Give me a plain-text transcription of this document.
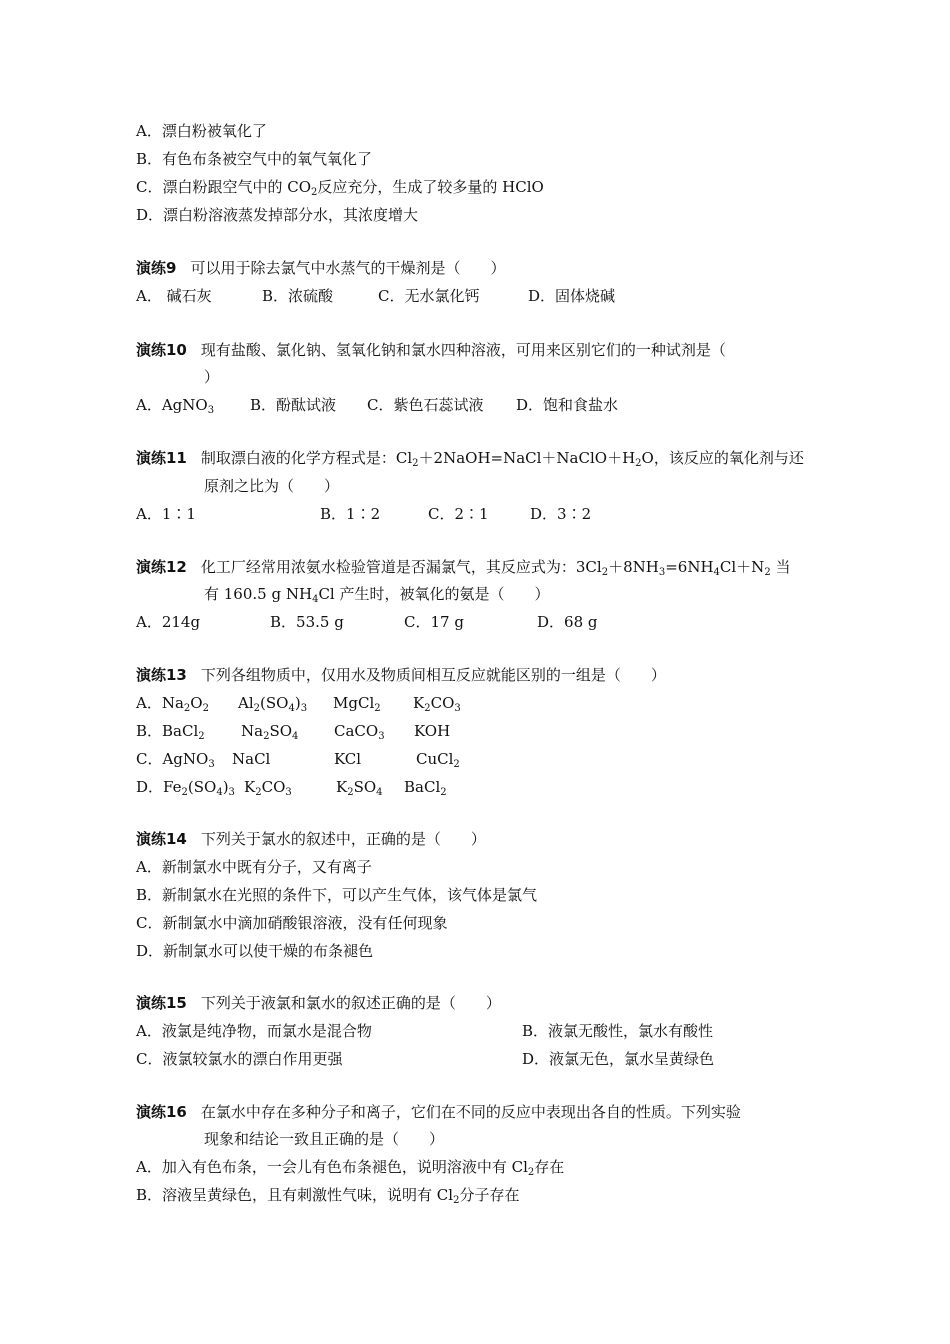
A．漂白粉被氧化了
B．有色布条被空气中的氧气氧化了
C．漂白粉跟空气中的 $CO_2$反应充分，生成了较多量的 HClO
D．漂白粉溶液蒸发掉部分水，其浓度增大
演练9 可以用于除去氯气中水蒸气的干燥剂是（　　）
A． 碱石灰	B．浓硫酸	C．无水氯化钙	D．固体烧碱
演练10 现有盐酸、氯化钠、氢氧化钠和氯水四种溶液，可用来区别它们的一种试剂是（
）
A．AgNO$_3$ B．酚酞试液 C．紫色石蕊试液 D．饱和食盐水
演练11 制取漂白液的化学方程式是：$Cl_2+2NaOH=NaCl+NaClO+H_2O$，该反应的氧化剂与还
原剂之比为（　　）
A．1∶1	B．1∶2	C．2∶1	D．3∶2
演练12 化工厂经常用浓氨水检验管道是否漏氯气，其反应式为：$3Cl_2+8NH_3=6NH_4Cl+N_2$ 当
有 160.5 g $NH_4Cl$ 产生时，被氧化的氨是（　　）
A．214g	B．53.5 g	C．17 g	D．68 g
演练13 下列各组物质中，仅用水及物质间相互反应就能区别的一组是（　　）
A．$Na_2O_2$ $Al_2(SO_4)_3$ MgCl$_2$ $K_2CO_3$
B．BaCl$_2$ $Na_2SO_4$ CaCO$_3$ KOH
C．AgNO$_3$ NaCl	KCl	CuCl$_2$
D．$Fe_2(SO_4)_3$ $K_2CO_3$	$K_2SO_4$ BaCl$_2$
演练14 下列关于氯水的叙述中，正确的是（　　）
A．新制氯水中既有分子，又有离子
B．新制氯水在光照的条件下，可以产生气体，该气体是氯气
C．新制氯水中滴加硝酸银溶液，没有任何现象
D．新制氯水可以使干燥的布条褪色
演练15 下列关于液氯和氯水的叙述正确的是（　　）
A．液氯是纯净物，而氯水是混合物	B．液氯无酸性，氯水有酸性
C．液氯较氯水的漂白作用更强	D．液氯无色，氯水呈黄绿色
演练16 在氯水中存在多种分子和离子，它们在不同的反应中表现出各自的性质。下列实验
现象和结论一致且正确的是（　　）
A．加入有色布条，一会儿有色布条褪色，说明溶液中有 $Cl_2$存在
B．溶液呈黄绿色，且有刺激性气味，说明有 $Cl_2$分子存在
